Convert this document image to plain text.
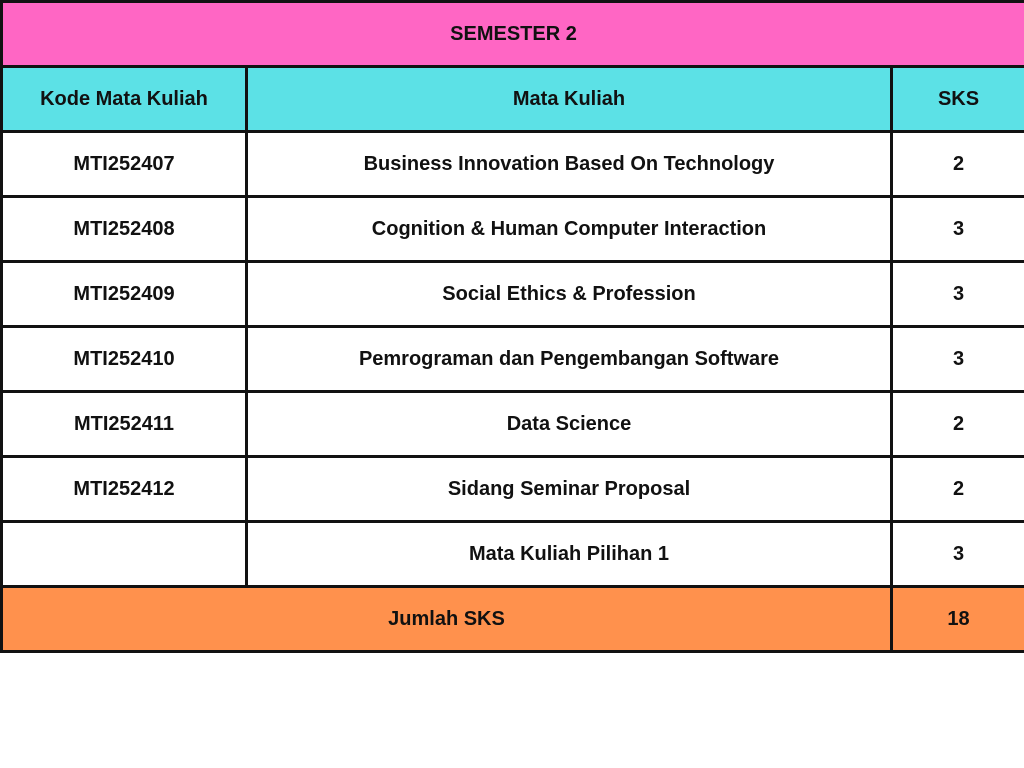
SEMESTER 2		
Kode Mata Kuliah	Mata Kuliah	SKS
MTI252407	Business Innovation Based On Technology	2
MTI252408	Cognition & Human Computer Interaction	3
MTI252409	Social Ethics & Profession	3
MTI252410	Pemrograman dan Pengembangan Software	3
MTI252411	Data Science	2
MTI252412	Sidang Seminar Proposal	2
	Mata Kuliah Pilihan 1	3
Jumlah SKS		18
